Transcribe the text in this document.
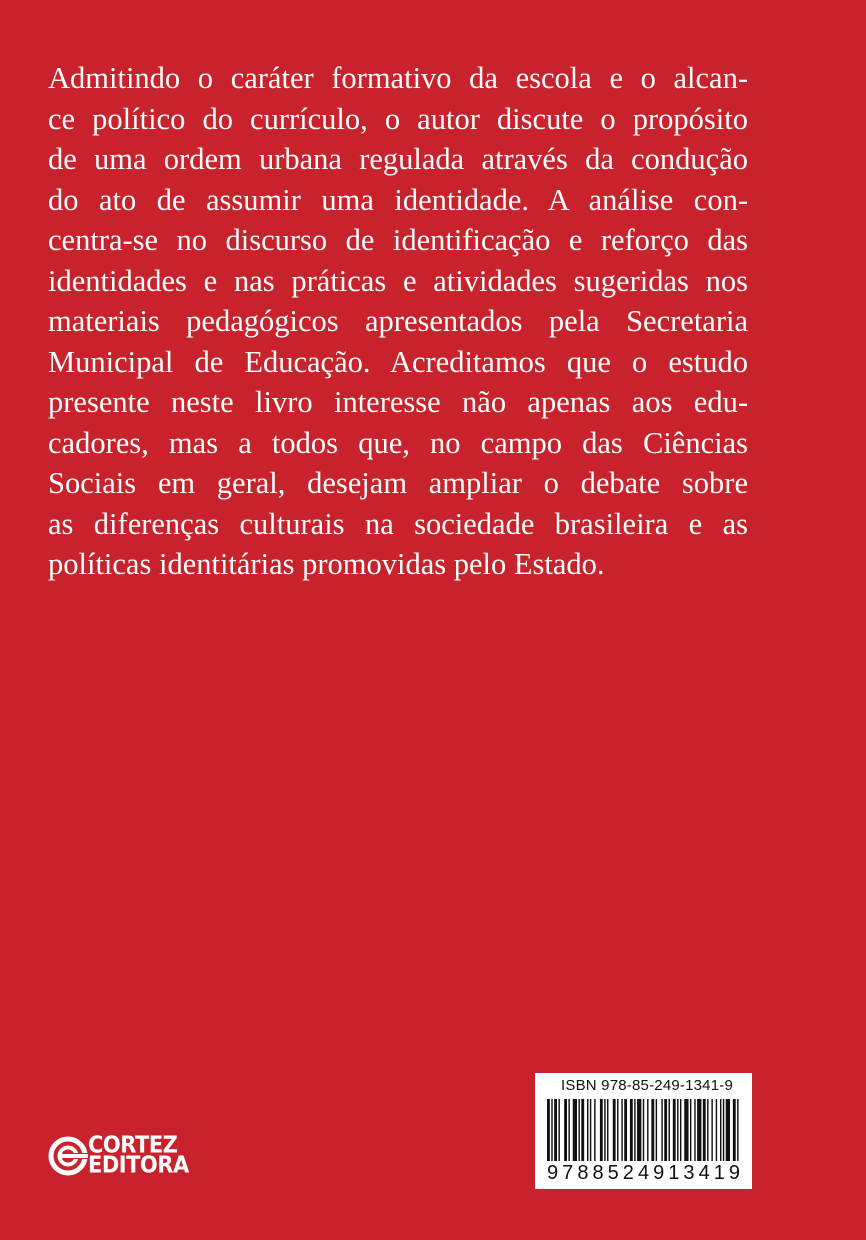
Admitindo o caráter formativo da escola e o alcan-
ce político do currículo, o autor discute o propósito
de uma ordem urbana regulada através da condução
do ato de assumir uma identidade. A análise con-
centra-se no discurso de identificação e reforço das
identidades e nas práticas e atividades sugeridas nos
materiais pedagógicos apresentados pela Secretaria
Municipal de Educação. Acreditamos que o estudo
presente neste livro interesse não apenas aos edu-
cadores, mas a todos que, no campo das Ciências
Sociais em geral, desejam ampliar o debate sobre
as diferenças culturais na sociedade brasileira e as
políticas identitárias promovidas pelo Estado.
ISBN 978-85-249-1341-9
9 7 8 8 5 2 4 9 1 3 4 1 9
CORTEZ
EDITORA
